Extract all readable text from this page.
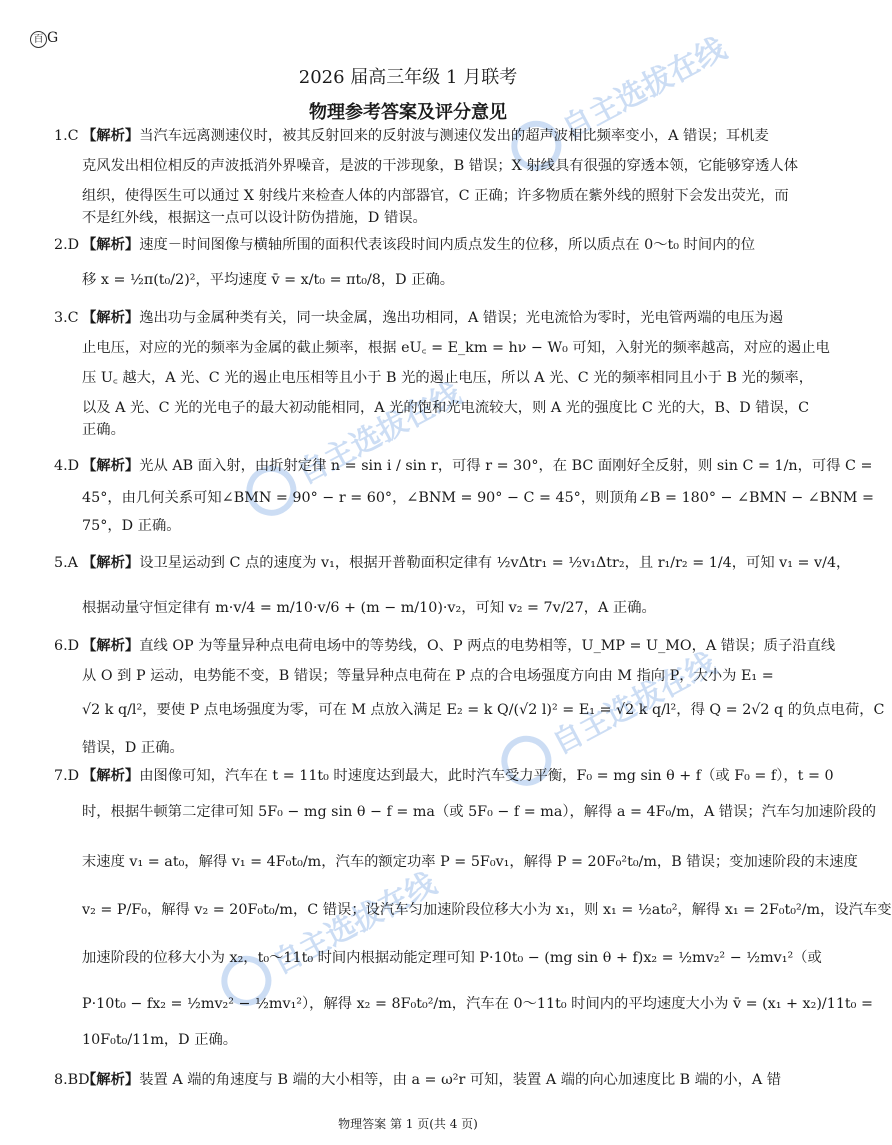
百 G
2026 届高三年级 1 月联考
物理参考答案及评分意见	自主选拔在线
自主选拔在线
自主选拔在线
自主选拔在线
1.C 【解析】当汽车远离测速仪时，被其反射回来的反射波与测速仪发出的超声波相比频率变小，A 错误；耳机麦
克风发出相位相反的声波抵消外界噪音，是波的干涉现象，B 错误；X 射线具有很强的穿透本领，它能够穿透人体
组织，使得医生可以通过 X 射线片来检查人体的内部器官，C 正确；许多物质在紫外线的照射下会发出荧光，而
不是红外线，根据这一点可以设计防伪措施，D 错误。
2.D 【解析】速度－时间图像与横轴所围的面积代表该段时间内质点发生的位移，所以质点在 0～t₀ 时间内的位
移 x = ½π(t₀/2)²，平均速度 v̄ = x/t₀ = πt₀/8，D 正确。
3.C 【解析】逸出功与金属种类有关，同一块金属，逸出功相同，A 错误；光电流恰为零时，光电管两端的电压为遏
止电压，对应的光的频率为金属的截止频率，根据 eU꜀ = E_km = hν − W₀ 可知，入射光的频率越高，对应的遏止电
压 U꜀ 越大，A 光、C 光的遏止电压相等且小于 B 光的遏止电压，所以 A 光、C 光的频率相同且小于 B 光的频率，
以及 A 光、C 光的光电子的最大初动能相同，A 光的饱和光电流较大，则 A 光的强度比 C 光的大，B、D 错误，C
正确。
4.D 【解析】光从 AB 面入射，由折射定律 n = sin i / sin r，可得 r = 30°，在 BC 面刚好全反射，则 sin C = 1/n，可得 C =
45°，由几何关系可知∠BMN = 90° − r = 60°，∠BNM = 90° − C = 45°，则顶角∠B = 180° − ∠BMN − ∠BNM =
75°，D 正确。
5.A 【解析】设卫星运动到 C 点的速度为 v₁，根据开普勒面积定律有 ½vΔtr₁ = ½v₁Δtr₂，且 r₁/r₂ = 1/4，可知 v₁ = v/4，
根据动量守恒定律有 m·v/4 = m/10·v/6 + (m − m/10)·v₂，可知 v₂ = 7v/27，A 正确。
6.D 【解析】直线 OP 为等量异种点电荷电场中的等势线，O、P 两点的电势相等，U_MP = U_MO，A 错误；质子沿直线
从 O 到 P 运动，电势能不变，B 错误；等量异种点电荷在 P 点的合电场强度方向由 M 指向 P，大小为 E₁ =
√2 k q/l²，要使 P 点电场强度为零，可在 M 点放入满足 E₂ = k Q/(√2 l)² = E₁ = √2 k q/l²，得 Q = 2√2 q 的负点电荷，C
错误，D 正确。
7.D 【解析】由图像可知，汽车在 t = 11t₀ 时速度达到最大，此时汽车受力平衡，F₀ = mg sin θ + f（或 F₀ = f），t = 0
时，根据牛顿第二定律可知 5F₀ − mg sin θ − f = ma（或 5F₀ − f = ma），解得 a = 4F₀/m，A 错误；汽车匀加速阶段的
末速度 v₁ = at₀，解得 v₁ = 4F₀t₀/m，汽车的额定功率 P = 5F₀v₁，解得 P = 20F₀²t₀/m，B 错误；变加速阶段的末速度
v₂ = P/F₀，解得 v₂ = 20F₀t₀/m，C 错误；设汽车匀加速阶段位移大小为 x₁，则 x₁ = ½at₀²，解得 x₁ = 2F₀t₀²/m，设汽车变
加速阶段的位移大小为 x₂，t₀～11t₀ 时间内根据动能定理可知 P·10t₀ − (mg sin θ + f)x₂ = ½mv₂² − ½mv₁²（或
P·10t₀ − fx₂ = ½mv₂² − ½mv₁²），解得 x₂ = 8F₀t₀²/m，汽车在 0～11t₀ 时间内的平均速度大小为 v̄ = (x₁ + x₂)/11t₀ =
10F₀t₀/11m，D 正确。
8.BD
【解析】装置 A 端的角速度与 B 端的大小相等，由 a = ω²r 可知，装置 A 端的向心加速度比 B 端的小，A 错
物理答案 第 1 页(共 4 页)
